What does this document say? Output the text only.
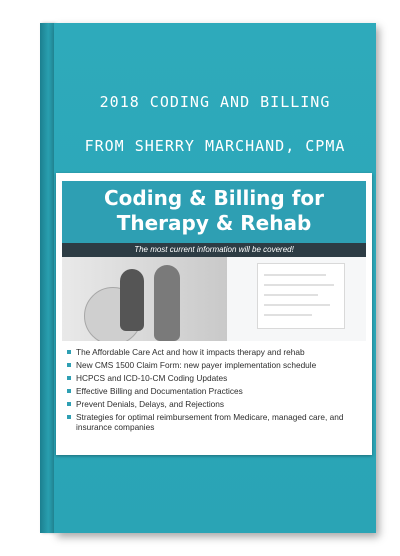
2018 CODING AND BILLING
FROM SHERRY MARCHAND, CPMA
Coding & Billing for
Therapy & Rehab
The most current information will be covered!
The Affordable Care Act and how it impacts therapy and rehab
New CMS 1500 Claim Form: new payer implementation schedule
HCPCS and ICD-10-CM Coding Updates
Effective Billing and Documentation Practices
Prevent Denials, Delays, and Rejections
Strategies for optimal reimbursement from Medicare, managed care, and insurance companies
